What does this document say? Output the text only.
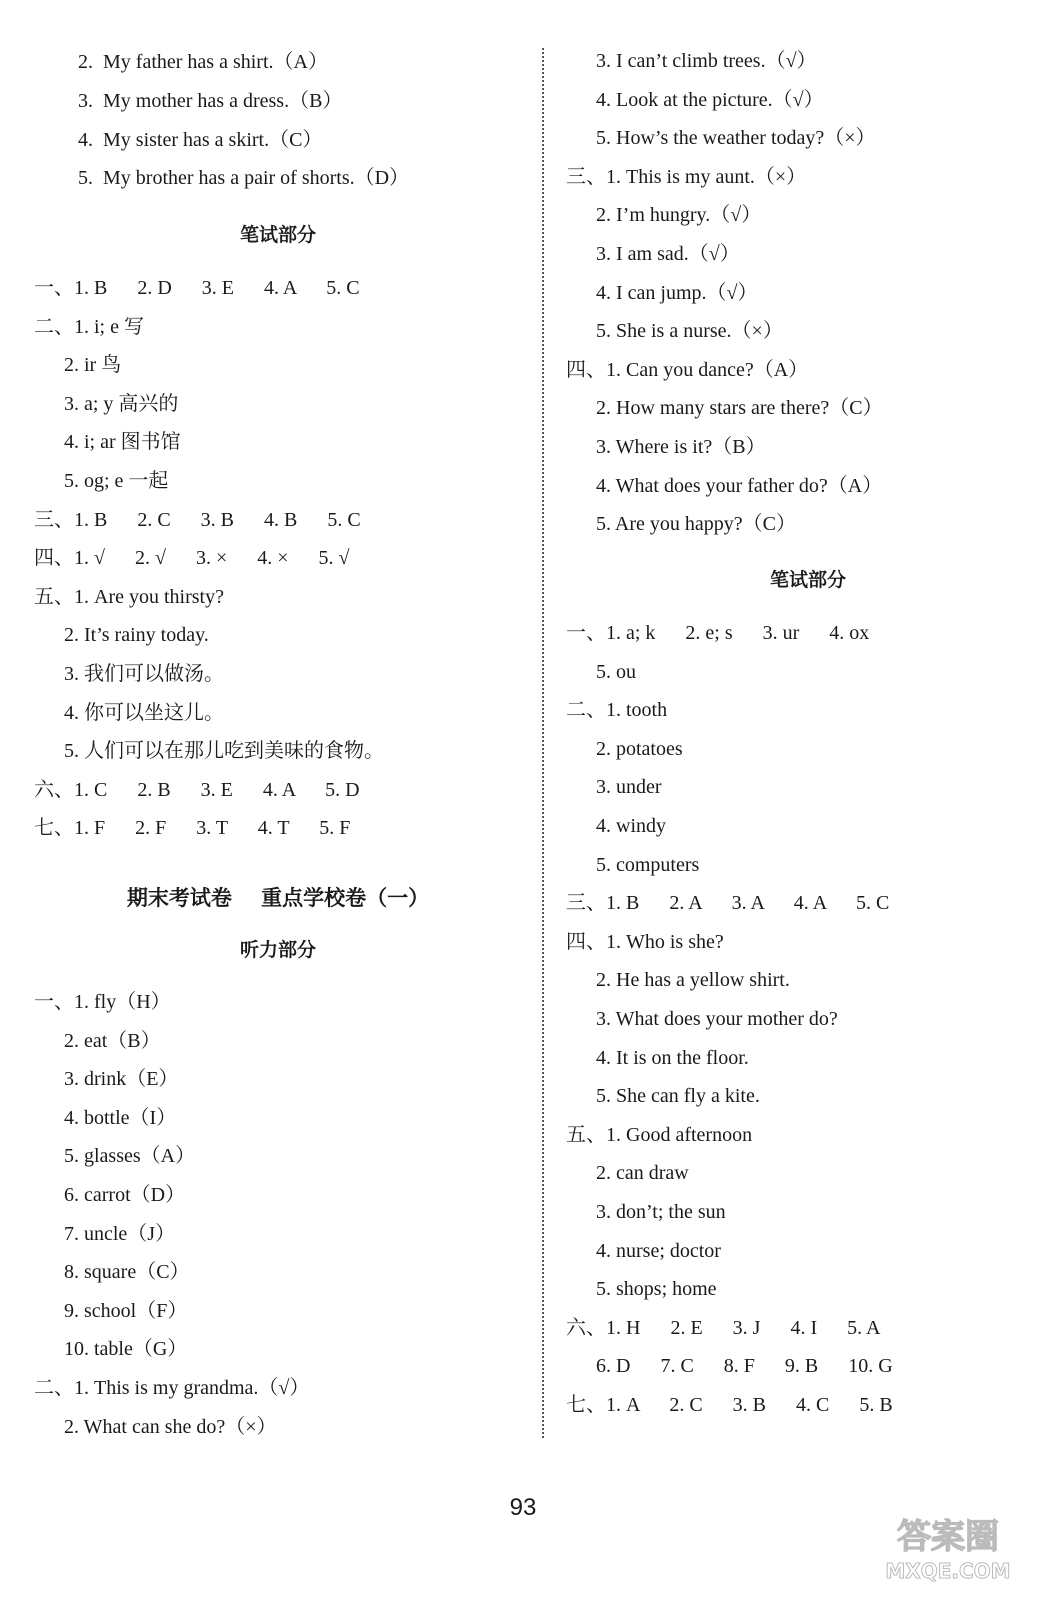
2.  My father has a shirt.（A）
3.  My mother has a dress.（B）
4.  My sister has a skirt.（C）
5.  My brother has a pair of shorts.（D）
笔试部分
一、1. B      2. D      3. E      4. A      5. C
二、1. i; e 写
2. ir 鸟
3. a; y 高兴的
4. i; ar 图书馆
5. og; e 一起
三、1. B      2. C      3. B      4. B      5. C
四、1. √      2. √      3. ×      4. ×      5. √
五、1. Are you thirsty?
2. It’s rainy today.
3. 我们可以做汤。
4. 你可以坐这儿。
5. 人们可以在那儿吃到美味的食物。
六、1. C      2. B      3. E      4. A      5. D
七、1. F      2. F      3. T      4. T      5. F
期末考试卷    重点学校卷（一）
听力部分
一、1. fly（H）
2. eat（B）
3. drink（E）
4. bottle（I）
5. glasses（A）
6. carrot（D）
7. uncle（J）
8. square（C）
9. school（F）
10. table（G）
二、1. This is my grandma.（√）
2. What can she do?（×）
3. I can’t climb trees.（√）
4. Look at the picture.（√）
5. How’s the weather today?（×）
三、1. This is my aunt.（×）
2. I’m hungry.（√）
3. I am sad.（√）
4. I can jump.（√）
5. She is a nurse.（×）
四、1. Can you dance?（A）
2. How many stars are there?（C）
3. Where is it?（B）
4. What does your father do?（A）
5. Are you happy?（C）
笔试部分
一、1. a; k      2. e; s      3. ur      4. ox
5. ou
二、1. tooth
2. potatoes
3. under
4. windy
5. computers
三、1. B      2. A      3. A      4. A      5. C
四、1. Who is she?
2. He has a yellow shirt.
3. What does your mother do?
4. It is on the floor.
5. She can fly a kite.
五、1. Good afternoon
2. can draw
3. don’t; the sun
4. nurse; doctor
5. shops; home
六、1. H      2. E      3. J      4. I      5. A
6. D      7. C      8. F      9. B      10. G
七、1. A      2. C      3. B      4. C      5. B
93
答案圈
MXQE.COM
